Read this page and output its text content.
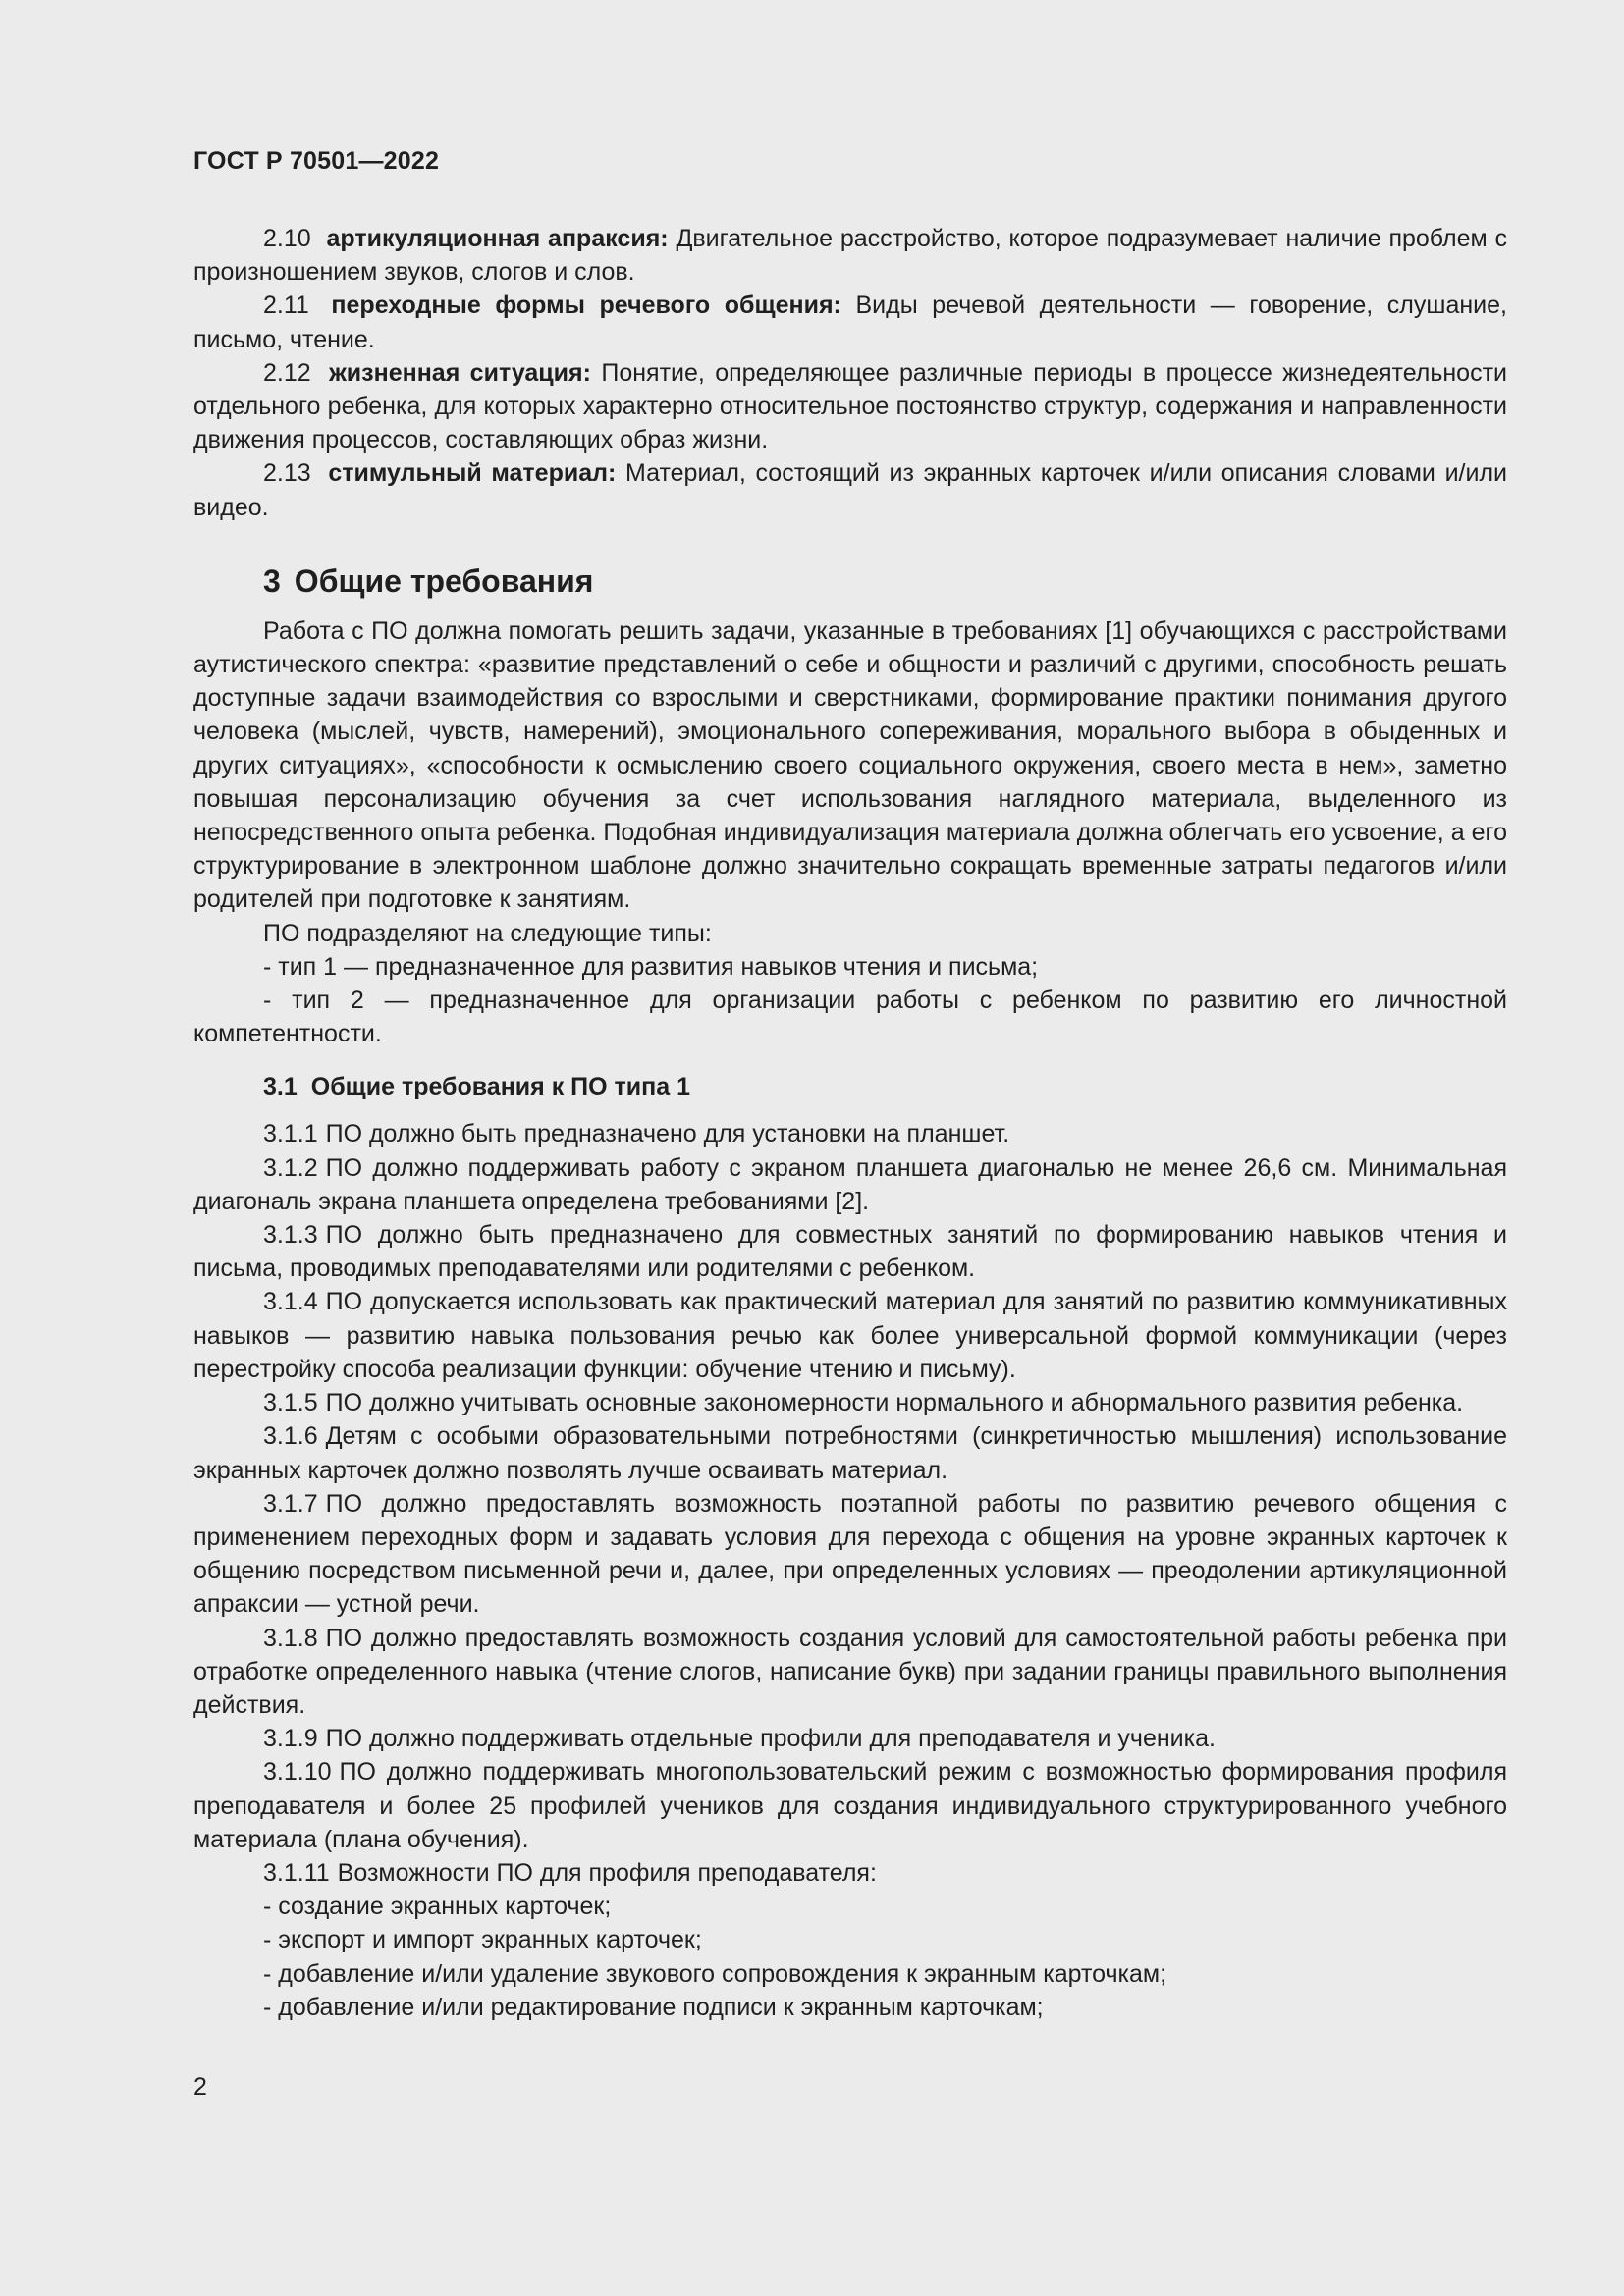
ГОСТ Р 70501—2022

2.10 артикуляционная апраксия: Двигательное расстройство, которое подразумевает наличие проблем с произношением звуков, слогов и слов.

2.11 переходные формы речевого общения: Виды речевой деятельности — говорение, слушание, письмо, чтение.

2.12 жизненная ситуация: Понятие, определяющее различные периоды в процессе жизнедеятельности отдельного ребенка, для которых характерно относительное постоянство структур, содержания и направленности движения процессов, составляющих образ жизни.

2.13 стимульный материал: Материал, состоящий из экранных карточек и/или описания словами и/или видео.

3 Общие требования

Работа с ПО должна помогать решить задачи, указанные в требованиях [1] обучающихся с расстройствами аутистического спектра: «развитие представлений о себе и общности и различий с другими, способность решать доступные задачи взаимодействия со взрослыми и сверстниками, формирование практики понимания другого человека (мыслей, чувств, намерений), эмоционального сопереживания, морального выбора в обыденных и других ситуациях», «способности к осмыслению своего социального окружения, своего места в нем», заметно повышая персонализацию обучения за счет использования наглядного материала, выделенного из непосредственного опыта ребенка. Подобная индивидуализация материала должна облегчать его усвоение, а его структурирование в электронном шаблоне должно значительно сокращать временные затраты педагогов и/или родителей при подготовке к занятиям.

ПО подразделяют на следующие типы:

- тип 1 — предназначенное для развития навыков чтения и письма;

- тип 2 — предназначенное для организации работы с ребенком по развитию его личностной компетентности.

3.1 Общие требования к ПО типа 1

3.1.1 ПО должно быть предназначено для установки на планшет.

3.1.2 ПО должно поддерживать работу с экраном планшета диагональю не менее 26,6 см. Минимальная диагональ экрана планшета определена требованиями [2].

3.1.3 ПО должно быть предназначено для совместных занятий по формированию навыков чтения и письма, проводимых преподавателями или родителями с ребенком.

3.1.4 ПО допускается использовать как практический материал для занятий по развитию коммуникативных навыков — развитию навыка пользования речью как более универсальной формой коммуникации (через перестройку способа реализации функции: обучение чтению и письму).

3.1.5 ПО должно учитывать основные закономерности нормального и абнормального развития ребенка.

3.1.6 Детям с особыми образовательными потребностями (синкретичностью мышления) использование экранных карточек должно позволять лучше осваивать материал.

3.1.7 ПО должно предоставлять возможность поэтапной работы по развитию речевого общения с применением переходных форм и задавать условия для перехода с общения на уровне экранных карточек к общению посредством письменной речи и, далее, при определенных условиях — преодолении артикуляционной апраксии — устной речи.

3.1.8 ПО должно предоставлять возможность создания условий для самостоятельной работы ребенка при отработке определенного навыка (чтение слогов, написание букв) при задании границы правильного выполнения действия.

3.1.9 ПО должно поддерживать отдельные профили для преподавателя и ученика.

3.1.10 ПО должно поддерживать многопользовательский режим с возможностью формирования профиля преподавателя и более 25 профилей учеников для создания индивидуального структурированного учебного материала (плана обучения).

3.1.11 Возможности ПО для профиля преподавателя:

- создание экранных карточек;

- экспорт и импорт экранных карточек;

- добавление и/или удаление звукового сопровождения к экранным карточкам;

- добавление и/или редактирование подписи к экранным карточкам;

2
